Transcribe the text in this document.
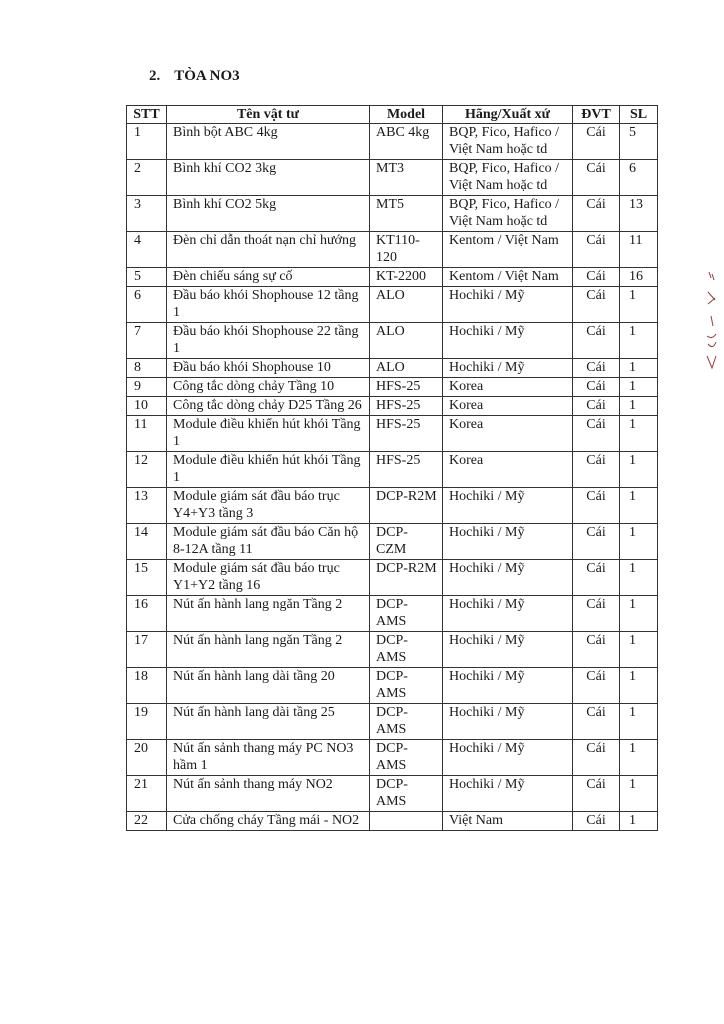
2. TÒA NO3
STT	Tên vật tư	Model	Hãng/Xuất xứ	ĐVT	SL
1	Bình bột ABC 4kg	ABC 4kg	BQP, Fico, Hafico / Việt Nam hoặc td	Cái	5
2	Bình khí CO2 3kg	MT3	BQP, Fico, Hafico / Việt Nam hoặc td	Cái	6
3	Bình khí CO2 5kg	MT5	BQP, Fico, Hafico / Việt Nam hoặc td	Cái	13
4	Đèn chỉ dẫn thoát nạn chỉ hướng	KT110-120	Kentom / Việt Nam	Cái	11
5	Đèn chiếu sáng sự cố	KT-2200	Kentom / Việt Nam	Cái	16
6	Đầu báo khói Shophouse 12 tầng 1	ALO	Hochiki / Mỹ	Cái	1
7	Đầu báo khói Shophouse 22 tầng 1	ALO	Hochiki / Mỹ	Cái	1
8	Đầu báo khói Shophouse 10	ALO	Hochiki / Mỹ	Cái	1
9	Công tắc dòng chảy Tầng 10	HFS-25	Korea	Cái	1
10	Công tắc dòng chảy D25 Tầng 26	HFS-25	Korea	Cái	1
11	Module điều khiển hút khói Tầng 1	HFS-25	Korea	Cái	1
12	Module điều khiển hút khói Tầng 1	HFS-25	Korea	Cái	1
13	Module giám sát đầu báo trục Y4+Y3 tầng 3	DCP-R2M	Hochiki / Mỹ	Cái	1
14	Module giám sát đầu báo Căn hộ 8-12A tầng 11	DCP-CZM	Hochiki / Mỹ	Cái	1
15	Module giám sát đầu báo trục Y1+Y2 tầng 16	DCP-R2M	Hochiki / Mỹ	Cái	1
16	Nút ấn hành lang ngăn Tầng 2	DCP-AMS	Hochiki / Mỹ	Cái	1
17	Nút ấn hành lang ngăn Tầng 2	DCP-AMS	Hochiki / Mỹ	Cái	1
18	Nút ấn hành lang dài tầng 20	DCP-AMS	Hochiki / Mỹ	Cái	1
19	Nút ấn hành lang dài tầng 25	DCP-AMS	Hochiki / Mỹ	Cái	1
20	Nút ấn sảnh thang máy PC NO3 hầm 1	DCP-AMS	Hochiki / Mỹ	Cái	1
21	Nút ấn sảnh thang máy NO2	DCP-AMS	Hochiki / Mỹ	Cái	1
22	Cửa chống cháy Tầng mái - NO2		Việt Nam	Cái	1
